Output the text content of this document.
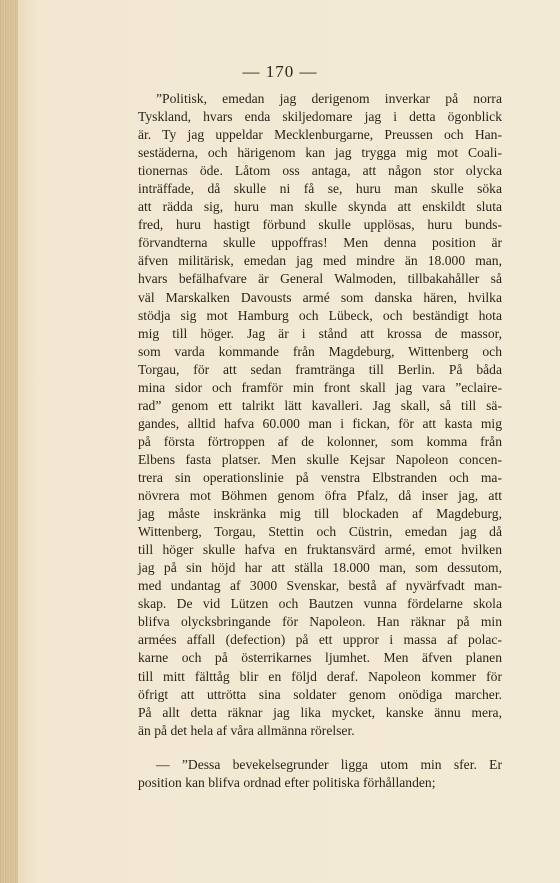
— 170 —
”Politisk, emedan jag derigenom inverkar på norra
Tyskland, hvars enda skiljedomare jag i detta ögonblick
är. Ty jag uppeldar Mecklenburgarne, Preussen och Han-
sestäderna, och härigenom kan jag trygga mig mot Coali-
tionernas öde. Låtom oss antaga, att någon stor olycka
inträffade, då skulle ni få se, huru man skulle söka
att rädda sig, huru man skulle skynda att enskildt sluta
fred, huru hastigt förbund skulle upplösas, huru bunds-
förvandterna skulle uppoffras! Men denna position är
äfven militärisk, emedan jag med mindre än 18.000 man,
hvars befälhafvare är General Walmoden, tillbakahåller så
väl Marskalken Davousts armé som danska hären, hvilka
stödja sig mot Hamburg och Lübeck, och beständigt hota
mig till höger. Jag är i stånd att krossa de massor,
som varda kommande från Magdeburg, Wittenberg och
Torgau, för att sedan framtränga till Berlin. På båda
mina sidor och framför min front skall jag vara ”eclaire-
rad” genom ett talrikt lätt kavalleri. Jag skall, så till sä-
gandes, alltid hafva 60.000 man i fickan, för att kasta mig
på första förtroppen af de kolonner, som komma från
Elbens fasta platser. Men skulle Kejsar Napoleon concen-
trera sin operationslinie på venstra Elbstranden och ma-
növrera mot Böhmen genom öfra Pfalz, då inser jag, att
jag måste inskränka mig till blockaden af Magdeburg,
Wittenberg, Torgau, Stettin och Cüstrin, emedan jag då
till höger skulle hafva en fruktansvärd armé, emot hvilken
jag på sin höjd har att ställa 18.000 man, som dessutom,
med undantag af 3000 Svenskar, bestå af nyvärfvadt man-
skap. De vid Lützen och Bautzen vunna fördelarne skola
blifva olycksbringande för Napoleon. Han räknar på min
armées affall (defection) på ett uppror i massa af polac-
karne och på österrikarnes ljumhet. Men äfven planen
till mitt fälttåg blir en följd deraf. Napoleon kommer för
öfrigt att uttrötta sina soldater genom onödiga marcher.
På allt detta räknar jag lika mycket, kanske ännu mera,
än på det hela af våra allmänna rörelser.
— ”Dessa bevekelsegrunder ligga utom min sfer. Er
position kan blifva ordnad efter politiska förhållanden;
